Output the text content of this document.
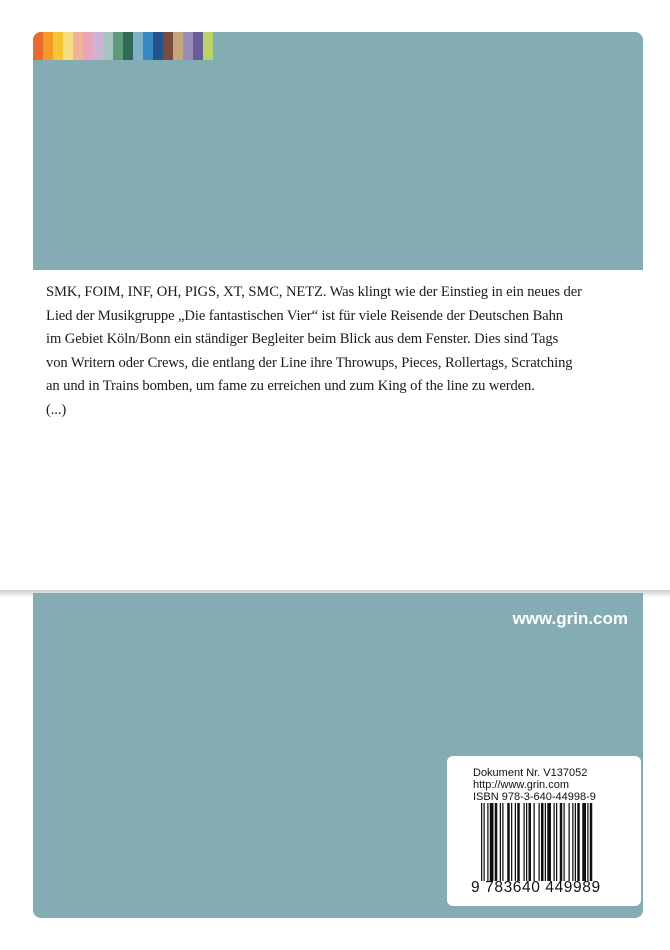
SMK, FOIM, INF, OH, PIGS, XT, SMC, NETZ. Was klingt wie der Einstieg in ein neues der
Lied der Musikgruppe „Die fantastischen Vier“ ist für viele Reisende der Deutschen Bahn
im Gebiet Köln/Bonn ein ständiger Begleiter beim Blick aus dem Fenster. Dies sind Tags
von Writern oder Crews, die entlang der Line ihre Throwups, Pieces, Rollertags, Scratching
an und in Trains bomben, um fame zu erreichen und zum King of the line zu werden.
(...)
www.grin.com
Dokument Nr. V137052
http://www.grin.com
ISBN 978-3-640-44998-9
9 783640 449989
